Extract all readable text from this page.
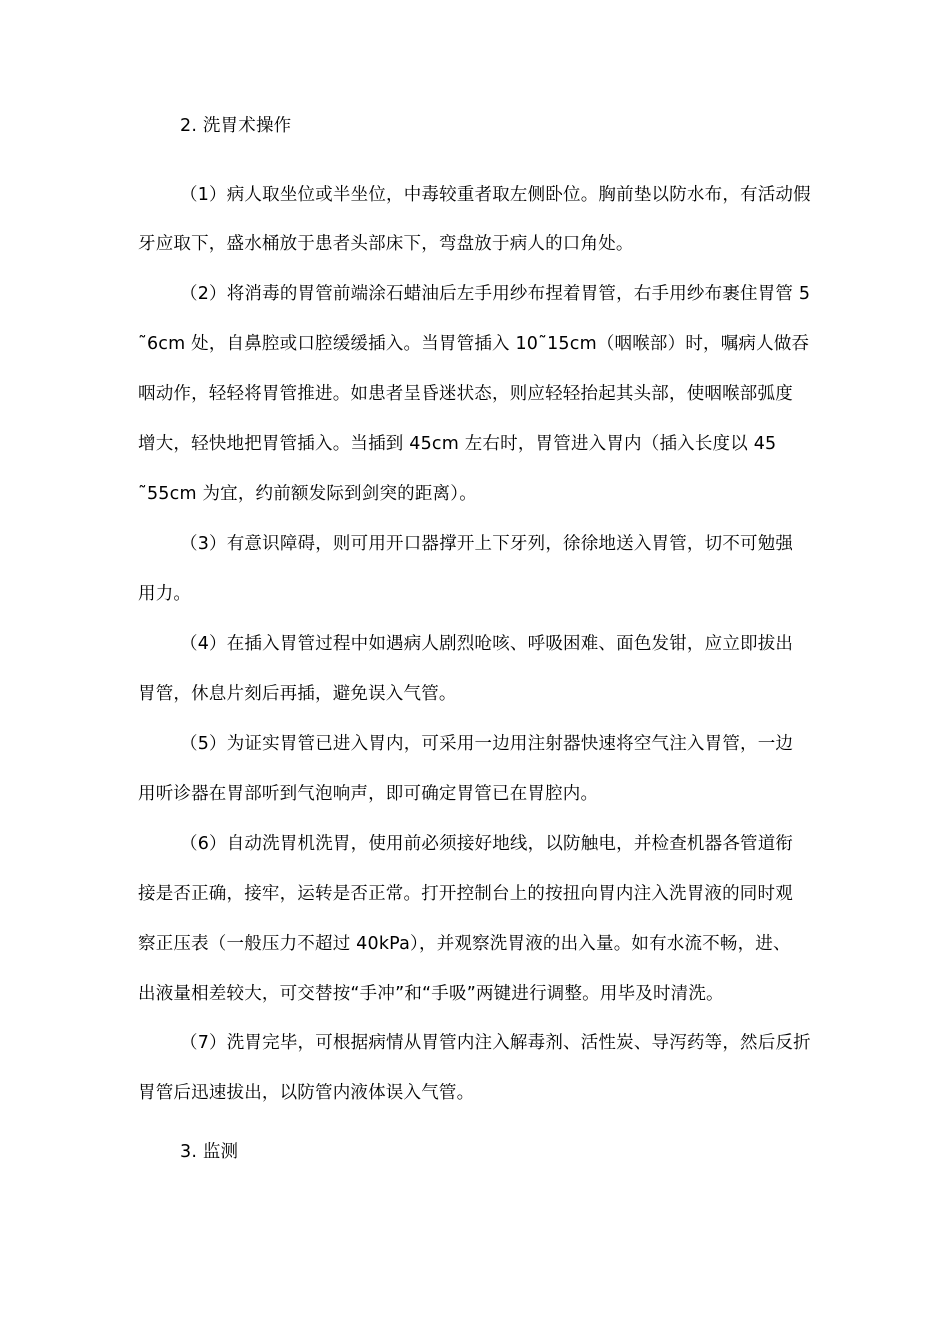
2. 洗胃术操作
（1）病人取坐位或半坐位，中毒较重者取左侧卧位。胸前垫以防水布，有活动假
牙应取下，盛水桶放于患者头部床下，弯盘放于病人的口角处。
（2）将消毒的胃管前端涂石蜡油后左手用纱布捏着胃管，右手用纱布裹住胃管 5
˜6cm 处，自鼻腔或口腔缓缓插入。当胃管插入 10˜15cm（咽喉部）时，嘱病人做吞
咽动作，轻轻将胃管推进。如患者呈昏迷状态，则应轻轻抬起其头部，使咽喉部弧度
增大，轻快地把胃管插入。当插到 45cm 左右时，胃管进入胃内（插入长度以 45
˜55cm 为宜，约前额发际到剑突的距离）。
（3）有意识障碍，则可用开口器撑开上下牙列，徐徐地送入胃管，切不可勉强
用力。
（4）在插入胃管过程中如遇病人剧烈呛咳、呼吸困难、面色发钳，应立即拔出
胃管，休息片刻后再插，避免误入气管。
（5）为证实胃管已进入胃内，可采用一边用注射器快速将空气注入胃管，一边
用听诊器在胃部听到气泡响声，即可确定胃管已在胃腔内。
（6）自动洗胃机洗胃，使用前必须接好地线，以防触电，并检查机器各管道衔
接是否正确，接牢，运转是否正常。打开控制台上的按扭向胃内注入洗胃液的同时观
察正压表（一般压力不超过 40kPa），并观察洗胃液的出入量。如有水流不畅，进、
出液量相差较大，可交替按“手冲”和“手吸”两键进行调整。用毕及时清洗。
（7）洗胃完毕，可根据病情从胃管内注入解毒剂、活性炭、导泻药等，然后反折
胃管后迅速拔出，以防管内液体误入气管。
3. 监测
